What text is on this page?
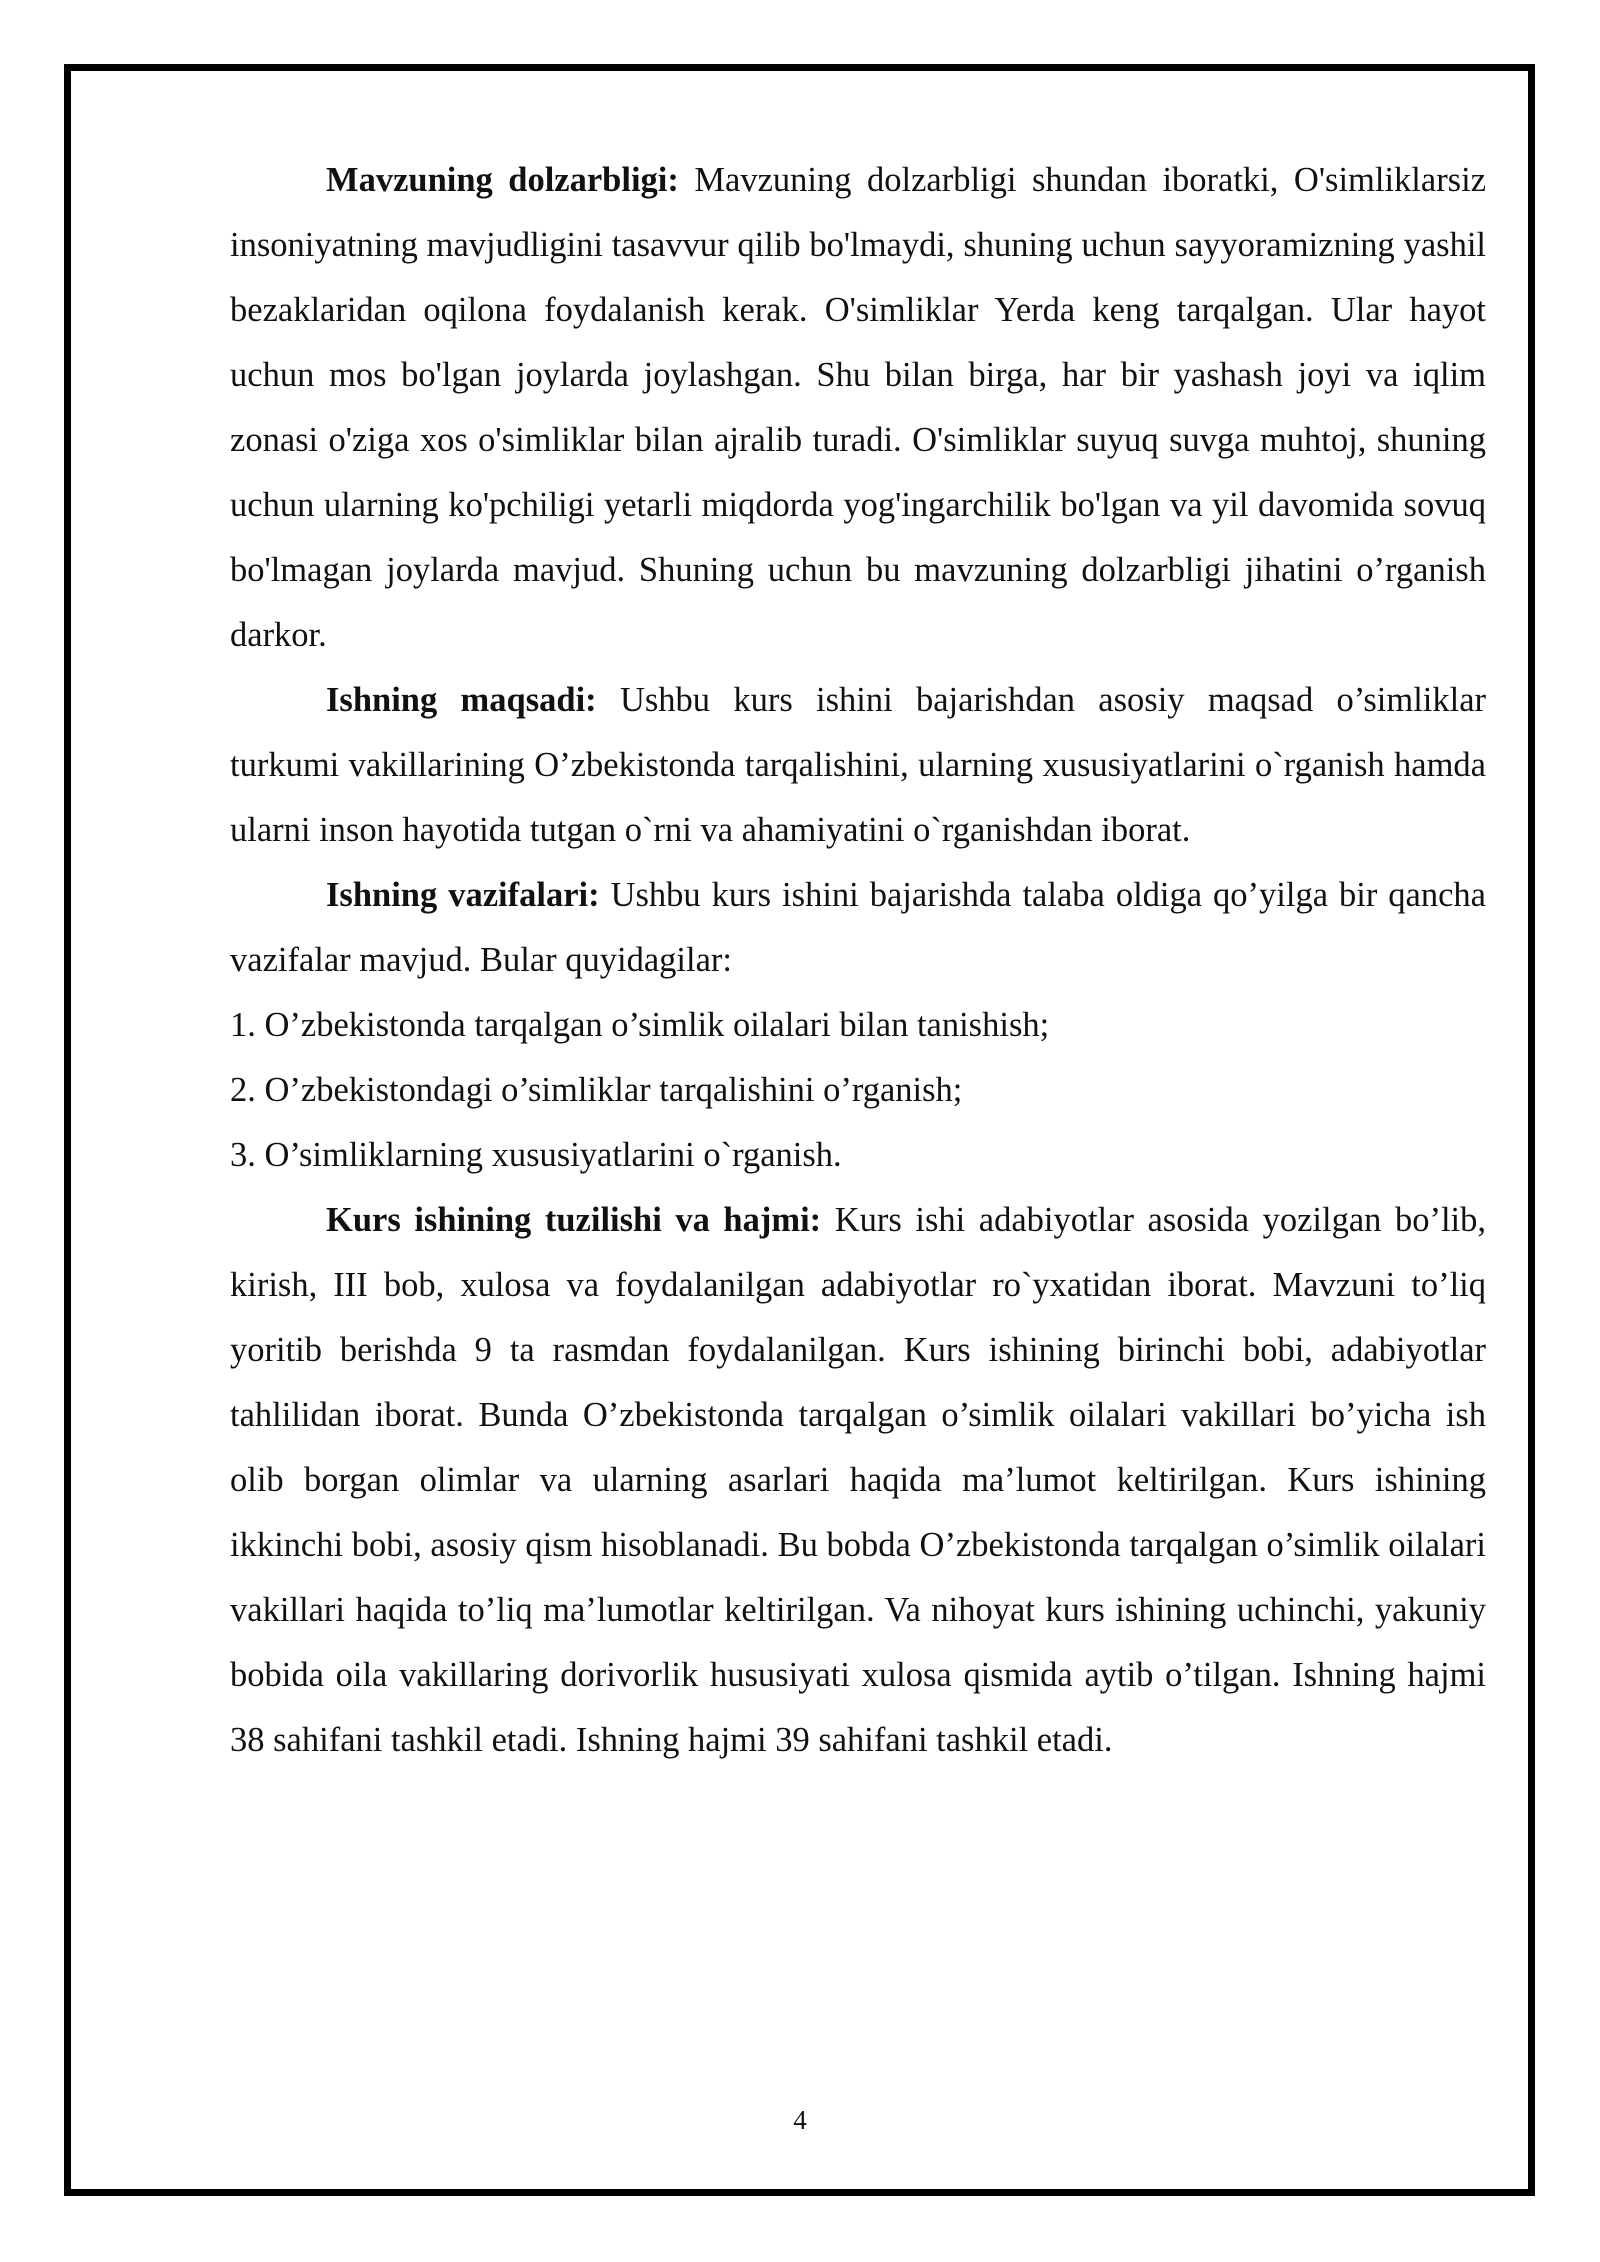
Mavzuning dolzarbligi: Mavzuning dolzarbligi shundan iboratki, O'simliklarsiz insoniyatning mavjudligini tasavvur qilib bo'lmaydi, shuning uchun sayyoramizning yashil bezaklaridan oqilona foydalanish kerak. O'simliklar Yerda keng tarqalgan. Ular hayot uchun mos bo'lgan joylarda joylashgan. Shu bilan birga, har bir yashash joyi va iqlim zonasi o'ziga xos o'simliklar bilan ajralib turadi. O'simliklar suyuq suvga muhtoj, shuning uchun ularning ko'pchiligi yetarli miqdorda yog'ingarchilik bo'lgan va yil davomida sovuq bo'lmagan joylarda mavjud. Shuning uchun bu mavzuning dolzarbligi jihatini o’rganish darkor.

Ishning maqsadi: Ushbu kurs ishini bajarishdan asosiy maqsad o’simliklar turkumi vakillarining O’zbekistonda tarqalishini, ularning xususiyatlarini o`rganish hamda ularni inson hayotida tutgan o`rni va ahamiyatini o`rganishdan iborat.

Ishning vazifalari: Ushbu kurs ishini bajarishda talaba oldiga qo’yilga bir qancha vazifalar mavjud. Bular quyidagilar:

1. O’zbekistonda tarqalgan o’simlik oilalari bilan tanishish;

2. O’zbekistondagi o’simliklar tarqalishini o’rganish;

3. O’simliklarning xususiyatlarini o`rganish.

Kurs ishining tuzilishi va hajmi: Kurs ishi adabiyotlar asosida yozilgan bo’lib, kirish, III bob, xulosa va foydalanilgan adabiyotlar ro`yxatidan iborat. Mavzuni to’liq yoritib berishda 9 ta rasmdan foydalanilgan. Kurs ishining birinchi bobi, adabiyotlar tahlilidan iborat. Bunda O’zbekistonda tarqalgan o’simlik oilalari vakillari bo’yicha ish olib borgan olimlar va ularning asarlari haqida ma’lumot keltirilgan. Kurs ishining ikkinchi bobi, asosiy qism hisoblanadi. Bu bobda O’zbekistonda tarqalgan o’simlik oilalari vakillari haqida to’liq ma’lumotlar keltirilgan. Va nihoyat kurs ishining uchinchi, yakuniy bobida oila vakillaring dorivorlik hususiyati xulosa qismida aytib o’tilgan. Ishning hajmi 38 sahifani tashkil etadi. Ishning hajmi 39 sahifani tashkil etadi.

4
